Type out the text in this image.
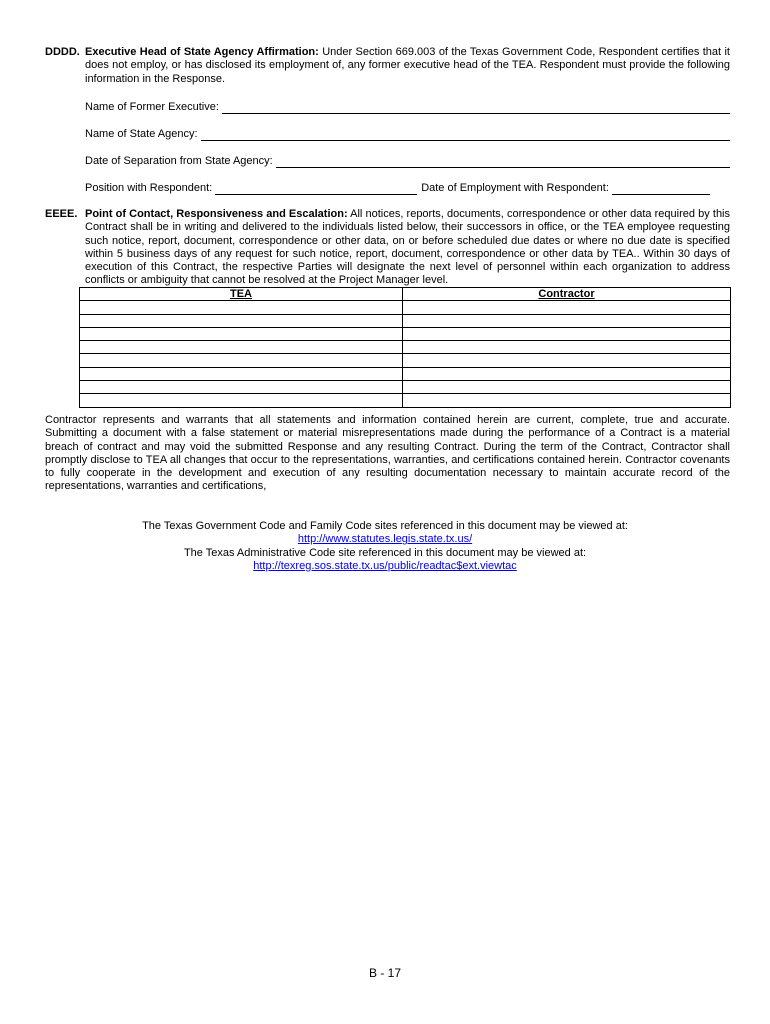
DDDD. Executive Head of State Agency Affirmation: Under Section 669.003 of the Texas Government Code, Respondent certifies that it does not employ, or has disclosed its employment of, any former executive head of the TEA. Respondent must provide the following information in the Response.
Name of Former Executive:
Name of State Agency:
Date of Separation from State Agency:
Position with Respondent:	Date of Employment with Respondent:
EEEE. Point of Contact, Responsiveness and Escalation: All notices, reports, documents, correspondence or other data required by this Contract shall be in writing and delivered to the individuals listed below, their successors in office, or the TEA employee requesting such notice, report, document, correspondence or other data, on or before scheduled due dates or where no due date is specified within 5 business days of any request for such notice, report, document, correspondence or other data by TEA.. Within 30 days of execution of this Contract, the respective Parties will designate the next level of personnel within each organization to address conflicts or ambiguity that cannot be resolved at the Project Manager level.
TEA	Contractor

Contractor represents and warrants that all statements and information contained herein are current, complete, true and accurate. Submitting a document with a false statement or material misrepresentations made during the performance of a Contract is a material breach of contract and may void the submitted Response and any resulting Contract. During the term of the Contract, Contractor shall promptly disclose to TEA all changes that occur to the representations, warranties, and certifications contained herein. Contractor covenants to fully cooperate in the development and execution of any resulting documentation necessary to maintain accurate record of the representations, warranties and certifications,
The Texas Government Code and Family Code sites referenced in this document may be viewed at:
http://www.statutes.legis.state.tx.us/
The Texas Administrative Code site referenced in this document may be viewed at:
http://texreg.sos.state.tx.us/public/readtac$ext.viewtac
B - 17
